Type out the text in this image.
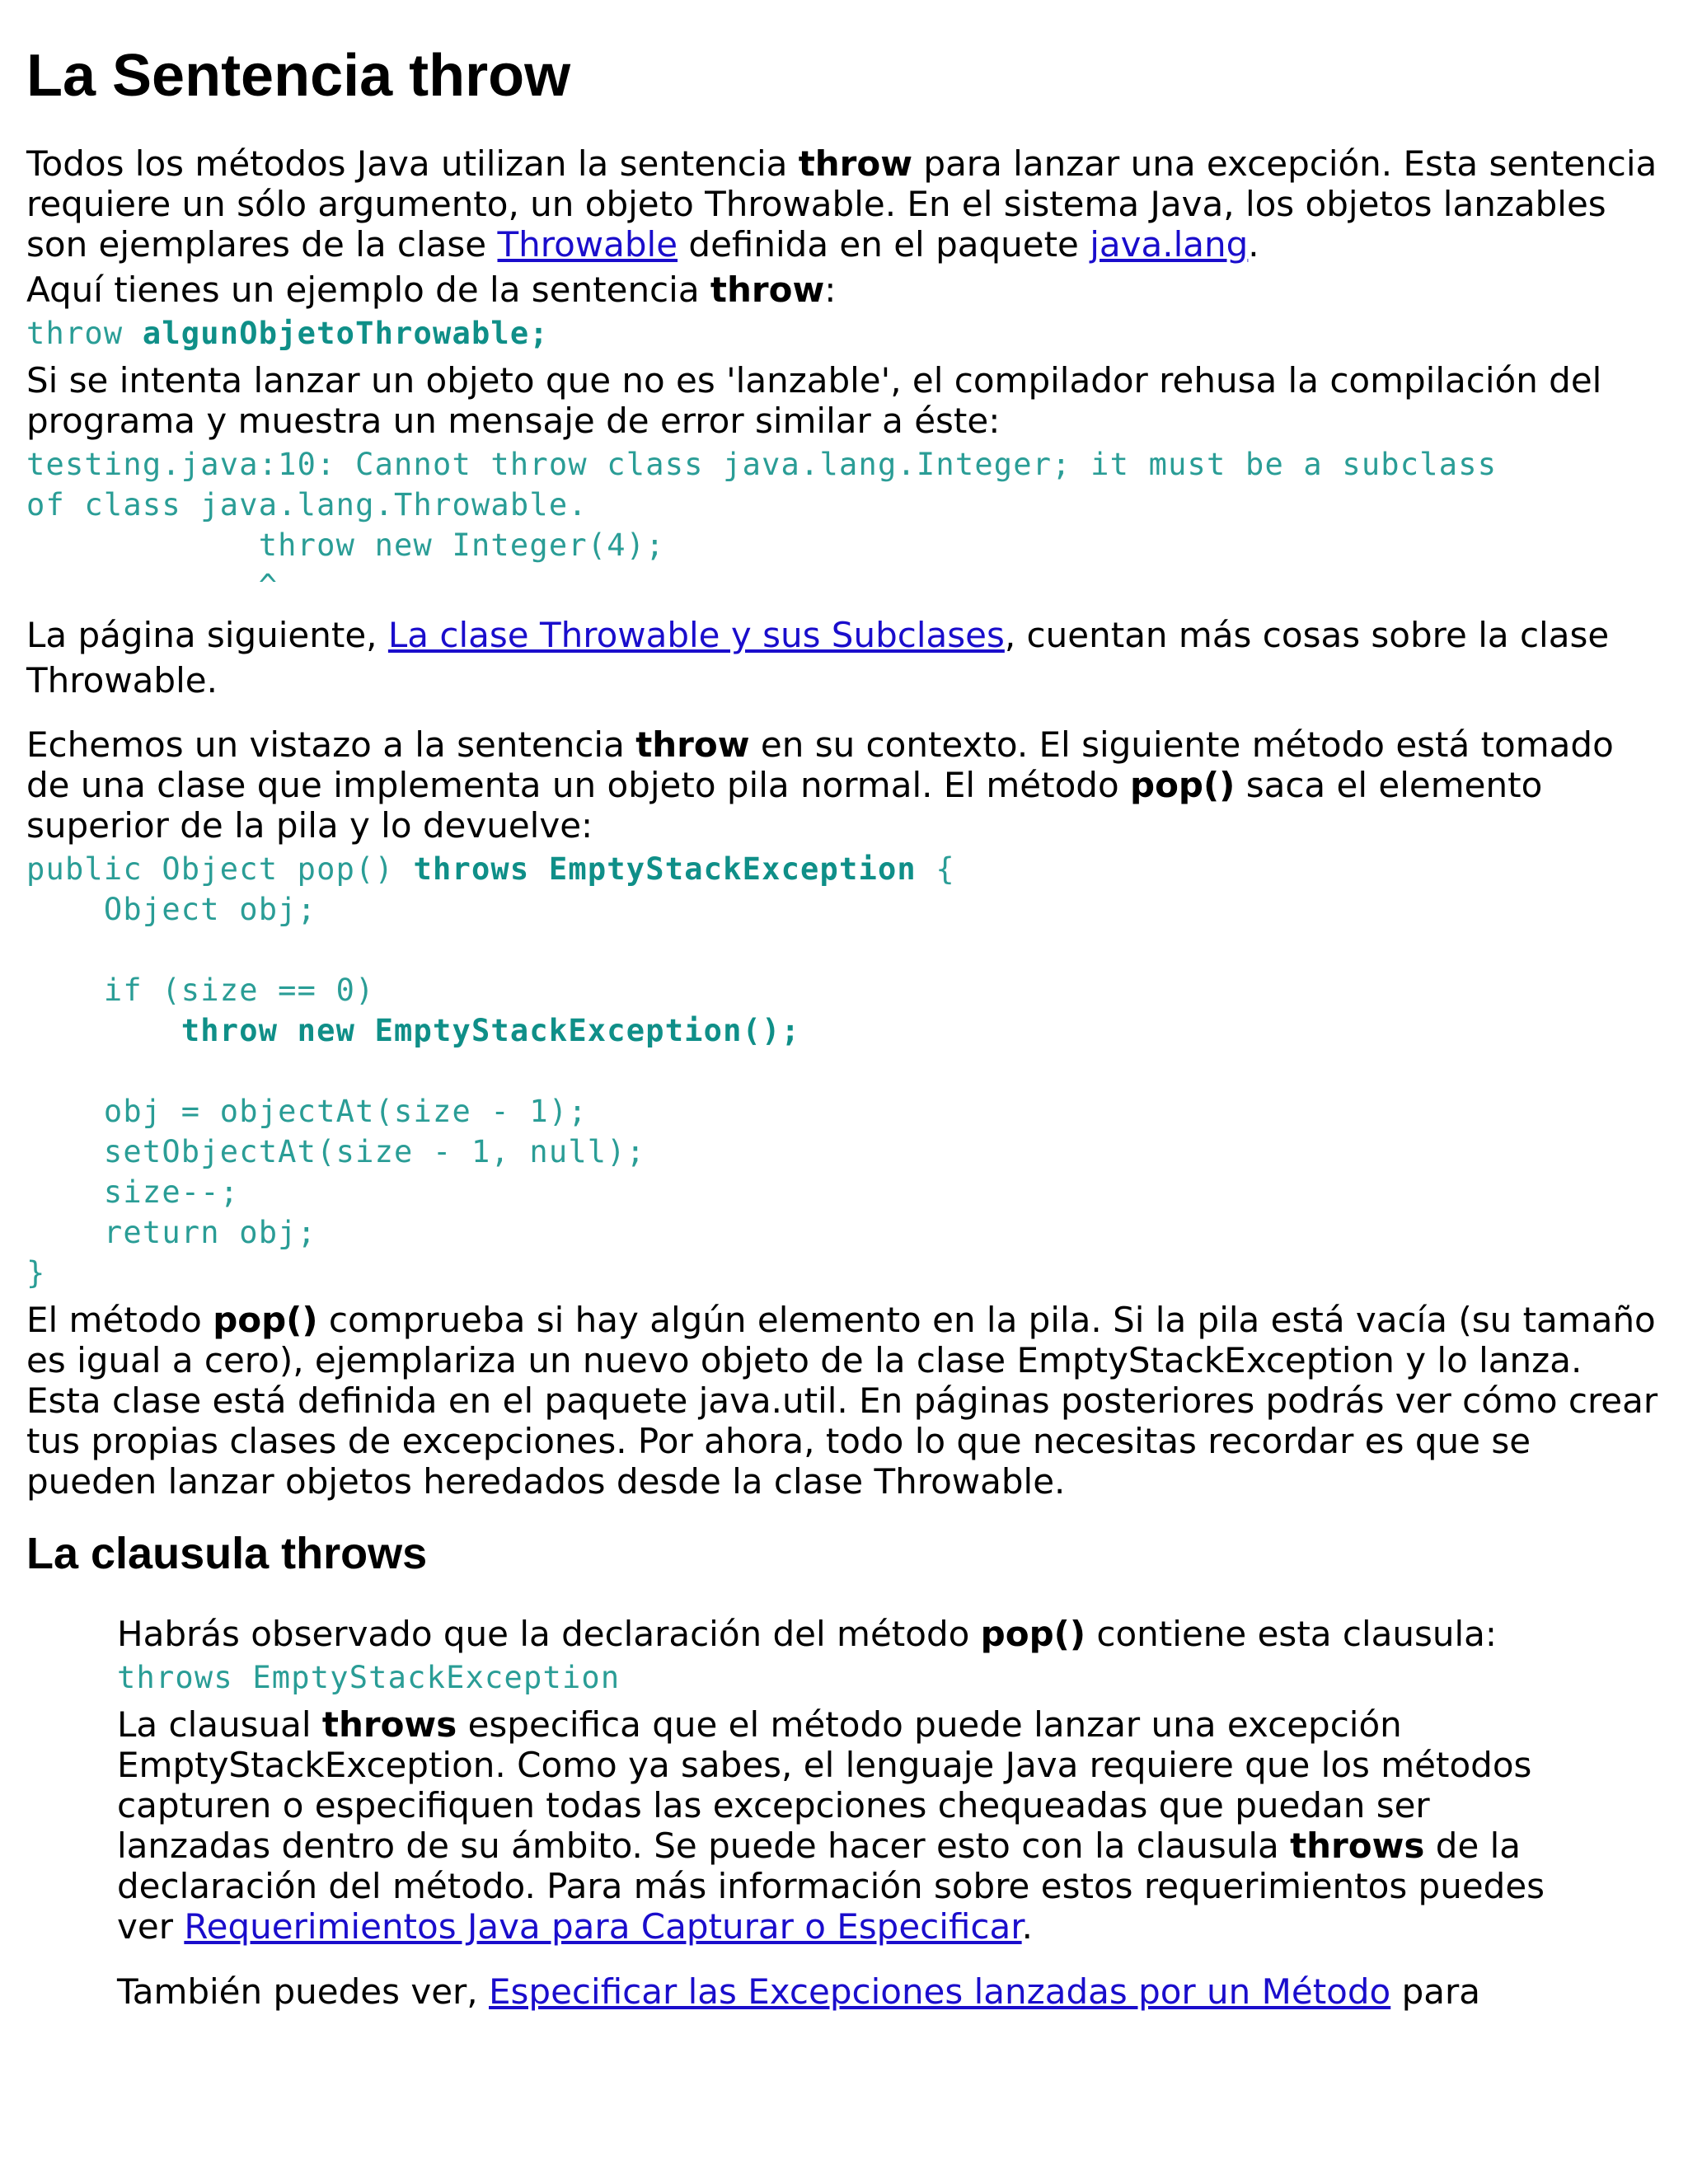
La Sentencia throw

Todos los métodos Java utilizan la sentencia throw para lanzar una excepción. Esta sentencia requiere un sólo argumento, un objeto Throwable. En el sistema Java, los objetos lanzables son ejemplares de la clase Throwable definida en el paquete java.lang.

Aquí tienes un ejemplo de la sentencia throw:

throw algunObjetoThrowable;

Si se intenta lanzar un objeto que no es 'lanzable', el compilador rehusa la compilación del programa y muestra un mensaje de error similar a éste:

testing.java:10: Cannot throw class java.lang.Integer; it must be a subclass
of class java.lang.Throwable.
throw new Integer(4);
^

La página siguiente, La clase Throwable y sus Subclases, cuentan más cosas sobre la clase Throwable.

Echemos un vistazo a la sentencia throw en su contexto. El siguiente método está tomado de una clase que implementa un objeto pila normal. El método pop() saca el elemento superior de la pila y lo devuelve:

public Object pop() throws EmptyStackException {
Object obj;

if (size == 0)
throw new EmptyStackException();

obj = objectAt(size - 1);
setObjectAt(size - 1, null);
size--;
return obj;
}

El método pop() comprueba si hay algún elemento en la pila. Si la pila está vacía (su tamaño es igual a cero), ejemplariza un nuevo objeto de la clase EmptyStackException y lo lanza. Esta clase está definida en el paquete java.util. En páginas posteriores podrás ver cómo crear tus propias clases de excepciones. Por ahora, todo lo que necesitas recordar es que se pueden lanzar objetos heredados desde la clase Throwable.

La clausula throws

Habrás observado que la declaración del método pop() contiene esta clausula:

throws EmptyStackException

La clausual throws especifica que el método puede lanzar una excepción EmptyStackException. Como ya sabes, el lenguaje Java requiere que los métodos capturen o especifiquen todas las excepciones chequeadas que puedan ser lanzadas dentro de su ámbito. Se puede hacer esto con la clausula throws de la declaración del método. Para más información sobre estos requerimientos puedes ver Requerimientos Java para Capturar o Especificar.

También puedes ver, Especificar las Excepciones lanzadas por un Método para
